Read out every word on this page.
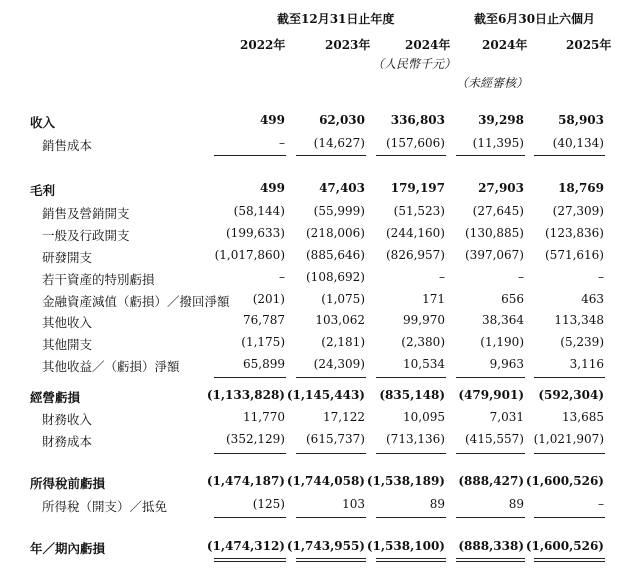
截至12月31日止年度	截至6月30日止六個月
2022年	2023年	2024年	2024年	2025年
（人民幣千元）
（未經審核）
收入	499	62,030	336,803	39,298	58,903
銷售成本	–	(14,627)	(157,606)	(11,395)	(40,134)
毛利	499	47,403	179,197	27,903	18,769
銷售及營銷開支	(58,144)	(55,999)	(51,523)	(27,645)	(27,309)
一般及行政開支	(199,633)	(218,006)	(244,160)	(130,885)	(123,836)
研發開支	(1,017,860)	(885,646)	(826,957)	(397,067)	(571,616)
若干資產的特別虧損	–	(108,692)	–	–	–
金融資產減值（虧損）／撥回淨額	(201)	(1,075)	171	656	463
其他收入	76,787	103,062	99,970	38,364	113,348
其他開支	(1,175)	(2,181)	(2,380)	(1,190)	(5,239)
其他收益／（虧損）淨額	65,899	(24,309)	10,534	9,963	3,116
經營虧損	(1,133,828) (1,145,443)	(835,148)	(479,901)	(592,304)
財務收入	11,770	17,122	10,095	7,031	13,685
財務成本	(352,129)	(615,737)	(713,136)	(415,557) (1,021,907)
所得稅前虧損	(1,474,187) (1,744,058) (1,538,189)	(888,427) (1,600,526)
所得稅（開支）／抵免	(125)	103	89	89	–
年／期內虧損	(1,474,312) (1,743,955) (1,538,100)	(888,338) (1,600,526)
